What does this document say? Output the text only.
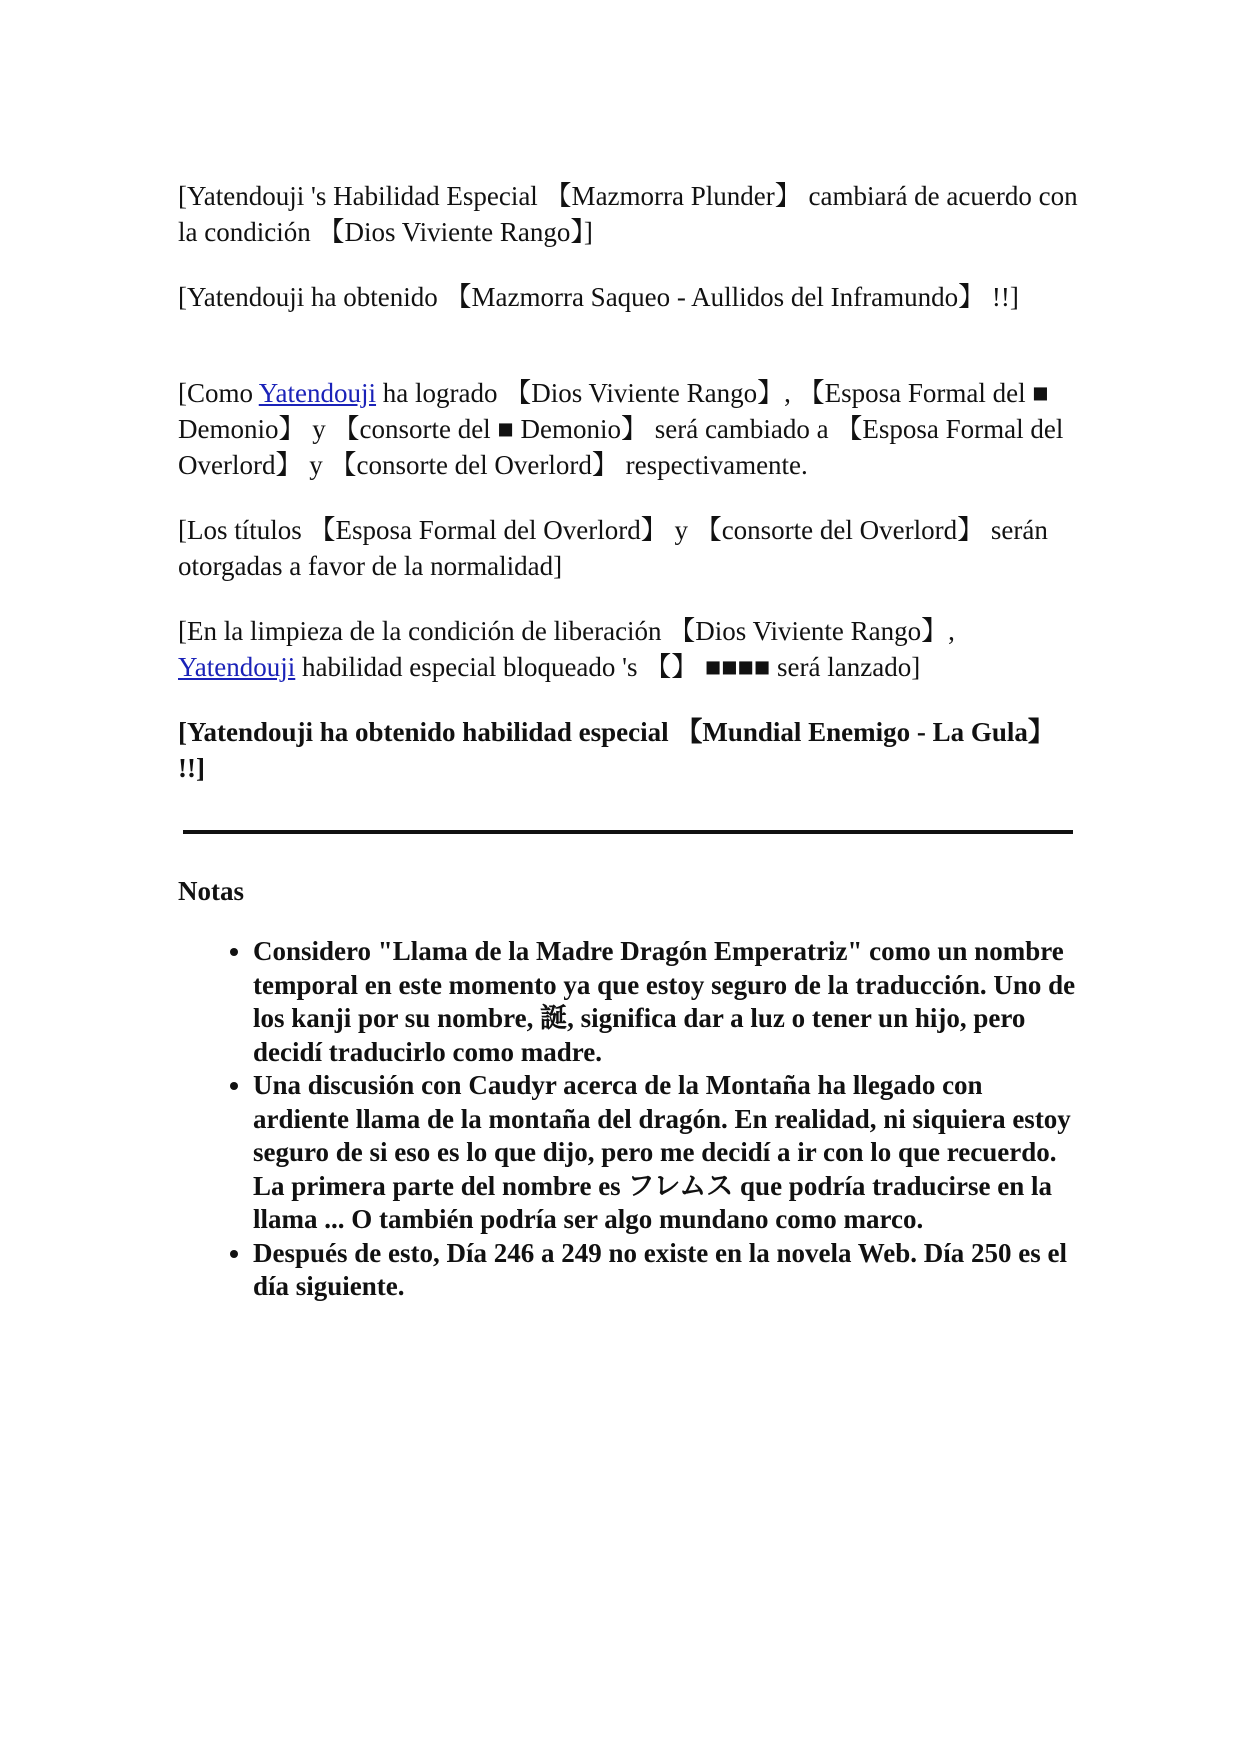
[Yatendouji 's Habilidad Especial 【Mazmorra Plunder】 cambiará de acuerdo con la condición 【Dios Viviente Rango】]

[Yatendouji ha obtenido 【Mazmorra Saqueo - Aullidos del Inframundo】 !!]

[Como Yatendouji ha logrado 【Dios Viviente Rango】, 【Esposa Formal del ■ Demonio】 y 【consorte del ■ Demonio】 será cambiado a 【Esposa Formal del Overlord】 y 【consorte del Overlord】 respectivamente.

[Los títulos 【Esposa Formal del Overlord】 y 【consorte del Overlord】 serán otorgadas a favor de la normalidad]

[En la limpieza de la condición de liberación 【Dios Viviente Rango】, Yatendouji habilidad especial bloqueado 's 【】 ■■■■ será lanzado]

[Yatendouji ha obtenido habilidad especial 【Mundial Enemigo - La Gula】 !!]

Notas
• Considero "Llama de la Madre Dragón Emperatriz" como un nombre temporal en este momento ya que estoy seguro de la traducción. Uno de los kanji por su nombre, 誕, significa dar a luz o tener un hijo, pero decidí traducirlo como madre.
• Una discusión con Caudyr acerca de la Montaña ha llegado con ardiente llama de la montaña del dragón. En realidad, ni siquiera estoy seguro de si eso es lo que dijo, pero me decidí a ir con lo que recuerdo. La primera parte del nombre es フレムス que podría traducirse en la llama ... O también podría ser algo mundano como marco.
• Después de esto, Día 246 a 249 no existe en la novela Web. Día 250 es el día siguiente.
